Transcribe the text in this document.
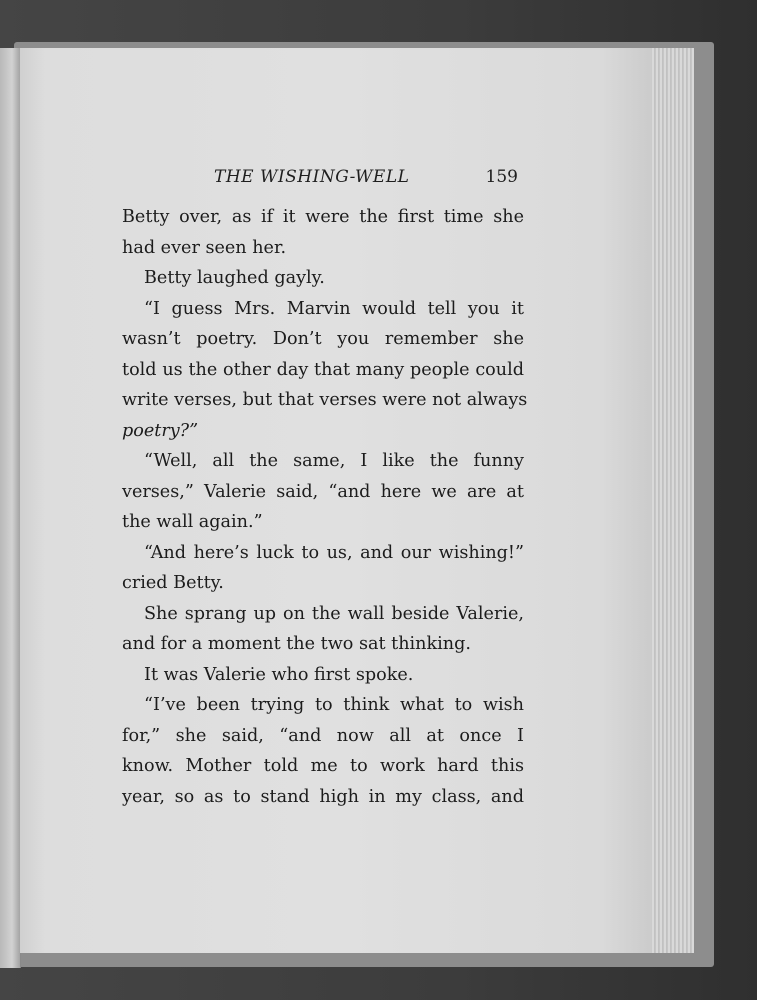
THE WISHING-WELL	159
Betty over, as if it were the first time she
had ever seen her.
Betty laughed gayly.
“I guess Mrs. Marvin would tell you it
wasn’t poetry. Don’t you remember she
told us the other day that many people could
write verses, but that verses were not always
poetry?”
“Well, all the same, I like the funny
verses,” Valerie said, “and here we are at
the wall again.”
“And here’s luck to us, and our wishing!”
cried Betty.
She sprang up on the wall beside Valerie,
and for a moment the two sat thinking.
It was Valerie who first spoke.
“I’ve been trying to think what to wish
for,” she said, “and now all at once I
know. Mother told me to work hard this
year, so as to stand high in my class, and
